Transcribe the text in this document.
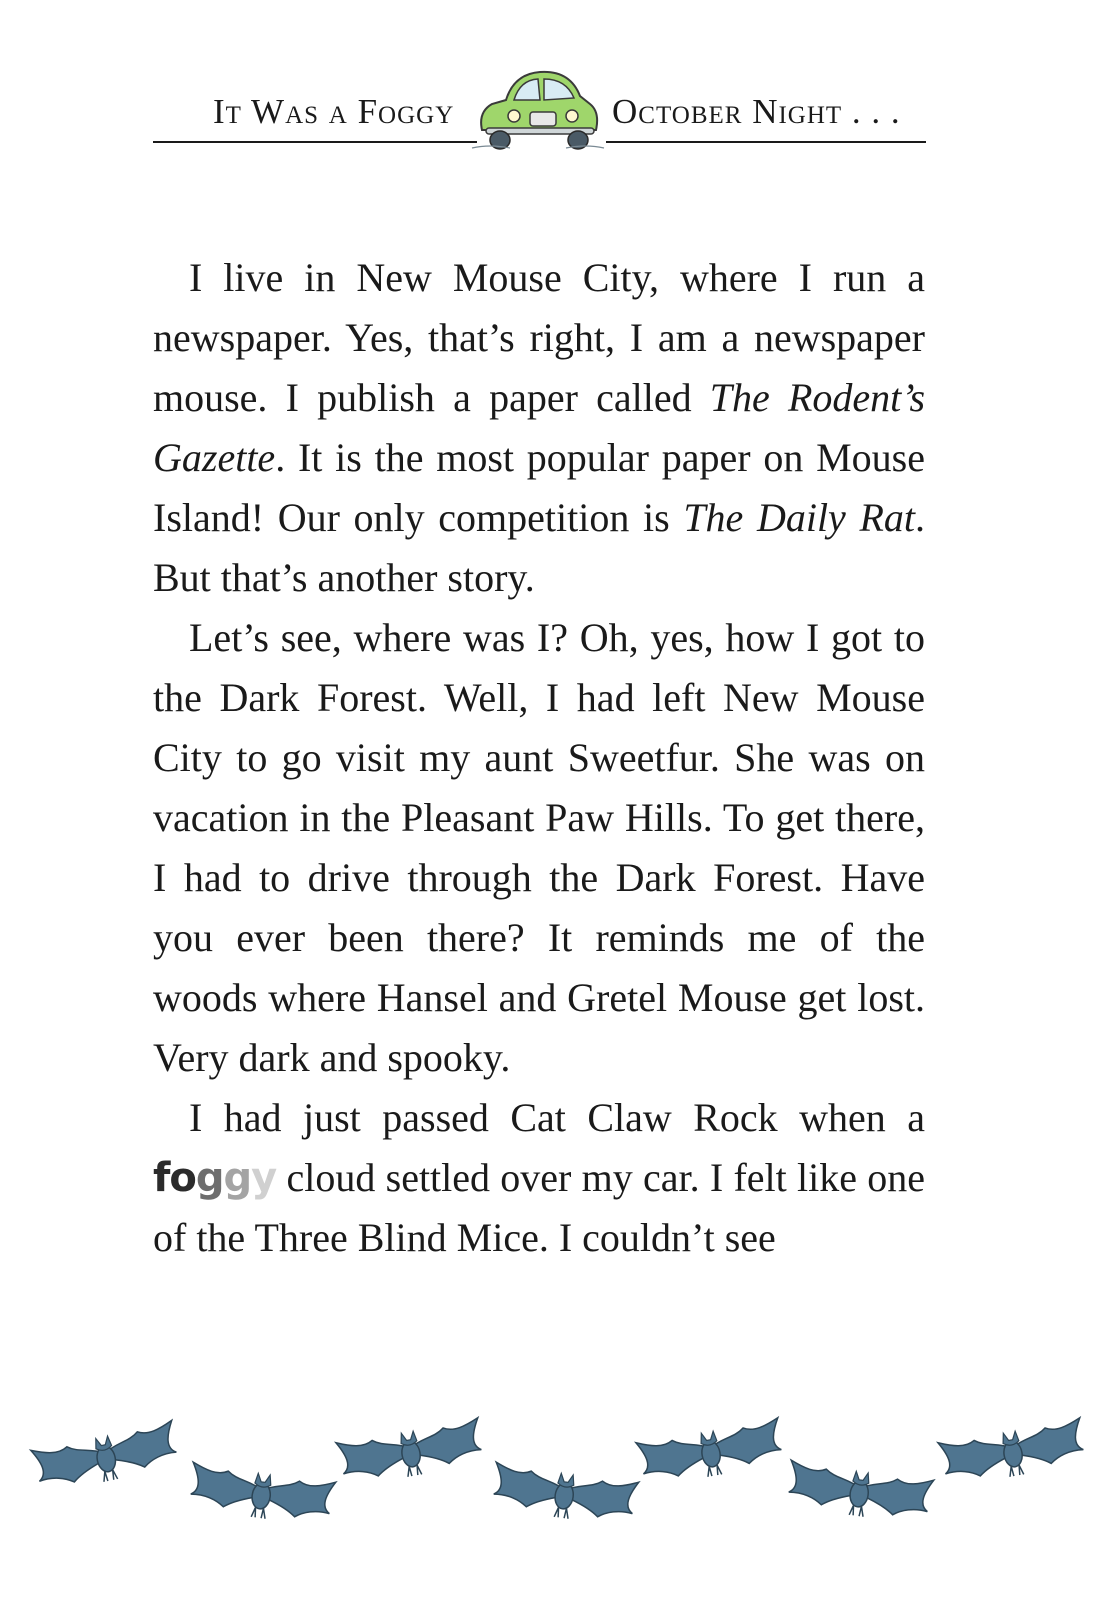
It Was a Foggy	October Night . . .

I live in New Mouse City, where I run a newspaper. Yes, that’s right, I am a newspaper mouse. I publish a paper called The Rodent’s Gazette. It is the most popular paper on Mouse Island! Our only competition is The Daily Rat. But that’s another story.

Let’s see, where was I? Oh, yes, how I got to the Dark Forest. Well, I had left New Mouse City to go visit my aunt Sweetfur. She was on vacation in the Pleasant Paw Hills. To get there, I had to drive through the Dark Forest. Have you ever been there? It reminds me of the woods where Hansel and Gretel Mouse get lost. Very dark and spooky.

I had just passed Cat Claw Rock when a foggy cloud settled over my car. I felt like one of the Three Blind Mice. I couldn’t see
